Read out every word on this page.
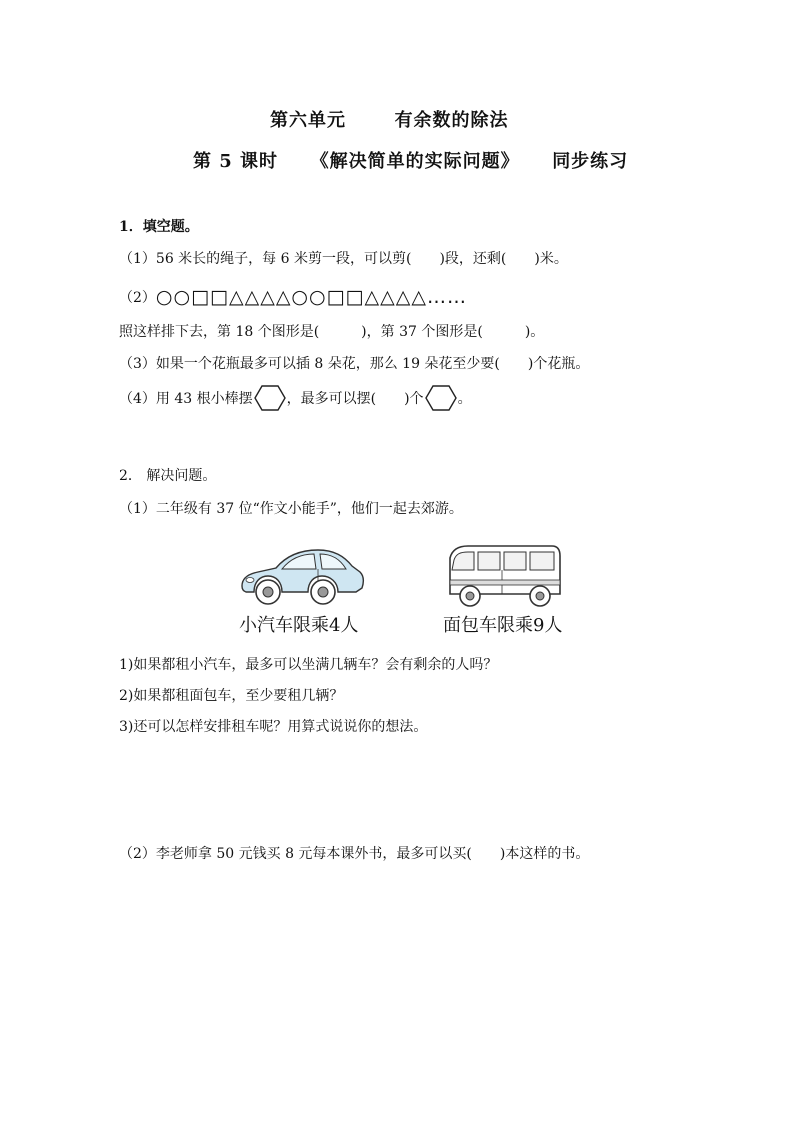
第六单元	有余数的除法
第 5 课时 《解决简单的实际问题》 同步练习
1．填空题。
（1）56 米长的绳子，每 6 米剪一段，可以剪(　　)段，还剩(　　)米。
（2） ○○□□△△△△○○□□△△△△……
照这样排下去，第 18 个图形是(　　　)，第 37 个图形是(　　　)。
（3）如果一个花瓶最多可以插 8 朵花，那么 19 朵花至少要(　　)个花瓶。
（4）用 43 根小棒摆 ，最多可以摆(　　)个 。
2． 解决问题。
（1）二年级有 37 位“作文小能手”，他们一起去郊游。
小汽车限乘4人	面包车限乘9人
1)如果都租小汽车，最多可以坐满几辆车？会有剩余的人吗？
2)如果都租面包车，至少要租几辆？
3)还可以怎样安排租车呢？用算式说说你的想法。
（2）李老师拿 50 元钱买 8 元每本课外书，最多可以买(　　)本这样的书。
